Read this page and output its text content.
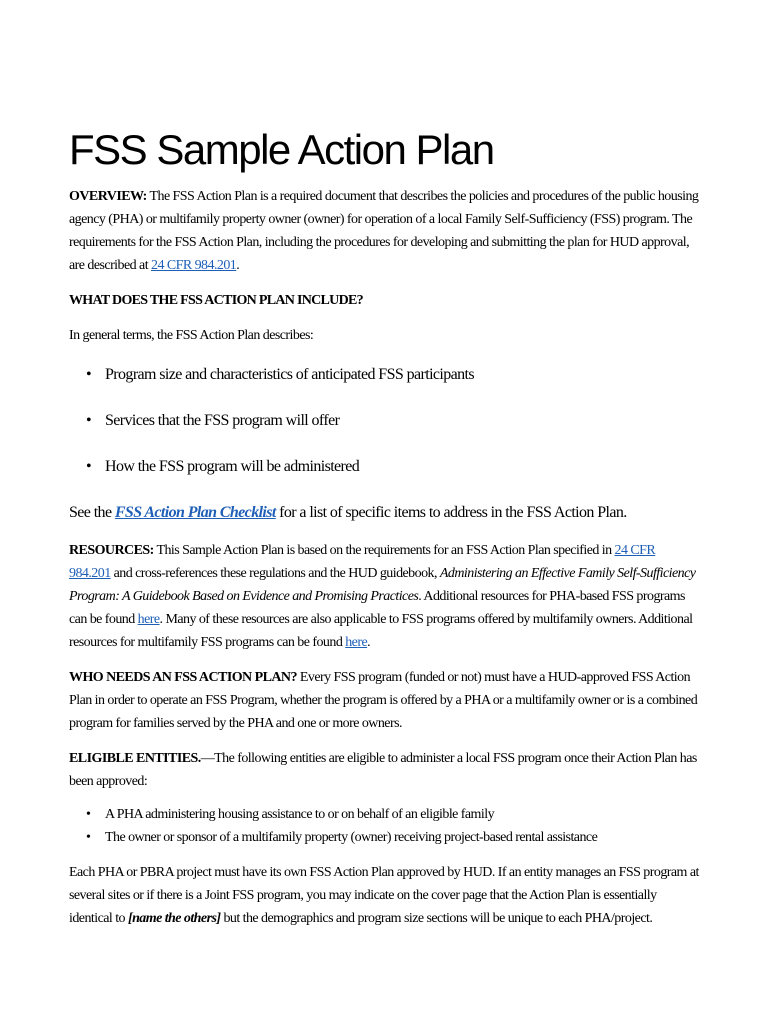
FSS Sample Action Plan

OVERVIEW: The FSS Action Plan is a required document that describes the policies and procedures of the public housing agency (PHA) or multifamily property owner (owner) for operation of a local Family Self-Sufficiency (FSS) program. The requirements for the FSS Action Plan, including the procedures for developing and submitting the plan for HUD approval, are described at 24 CFR 984.201.

WHAT DOES THE FSS ACTION PLAN INCLUDE?

In general terms, the FSS Action Plan describes:

• Program size and characteristics of anticipated FSS participants
• Services that the FSS program will offer
• How the FSS program will be administered

See the FSS Action Plan Checklist for a list of specific items to address in the FSS Action Plan.

RESOURCES: This Sample Action Plan is based on the requirements for an FSS Action Plan specified in 24 CFR 984.201 and cross-references these regulations and the HUD guidebook, Administering an Effective Family Self-Sufficiency Program: A Guidebook Based on Evidence and Promising Practices. Additional resources for PHA-based FSS programs can be found here. Many of these resources are also applicable to FSS programs offered by multifamily owners. Additional resources for multifamily FSS programs can be found here.

WHO NEEDS AN FSS ACTION PLAN? Every FSS program (funded or not) must have a HUD-approved FSS Action Plan in order to operate an FSS Program, whether the program is offered by a PHA or a multifamily owner or is a combined program for families served by the PHA and one or more owners.

ELIGIBLE ENTITIES.—The following entities are eligible to administer a local FSS program once their Action Plan has been approved:

• A PHA administering housing assistance to or on behalf of an eligible family
• The owner or sponsor of a multifamily property (owner) receiving project-based rental assistance

Each PHA or PBRA project must have its own FSS Action Plan approved by HUD. If an entity manages an FSS program at several sites or if there is a Joint FSS program, you may indicate on the cover page that the Action Plan is essentially identical to [name the others] but the demographics and program size sections will be unique to each PHA/project.
